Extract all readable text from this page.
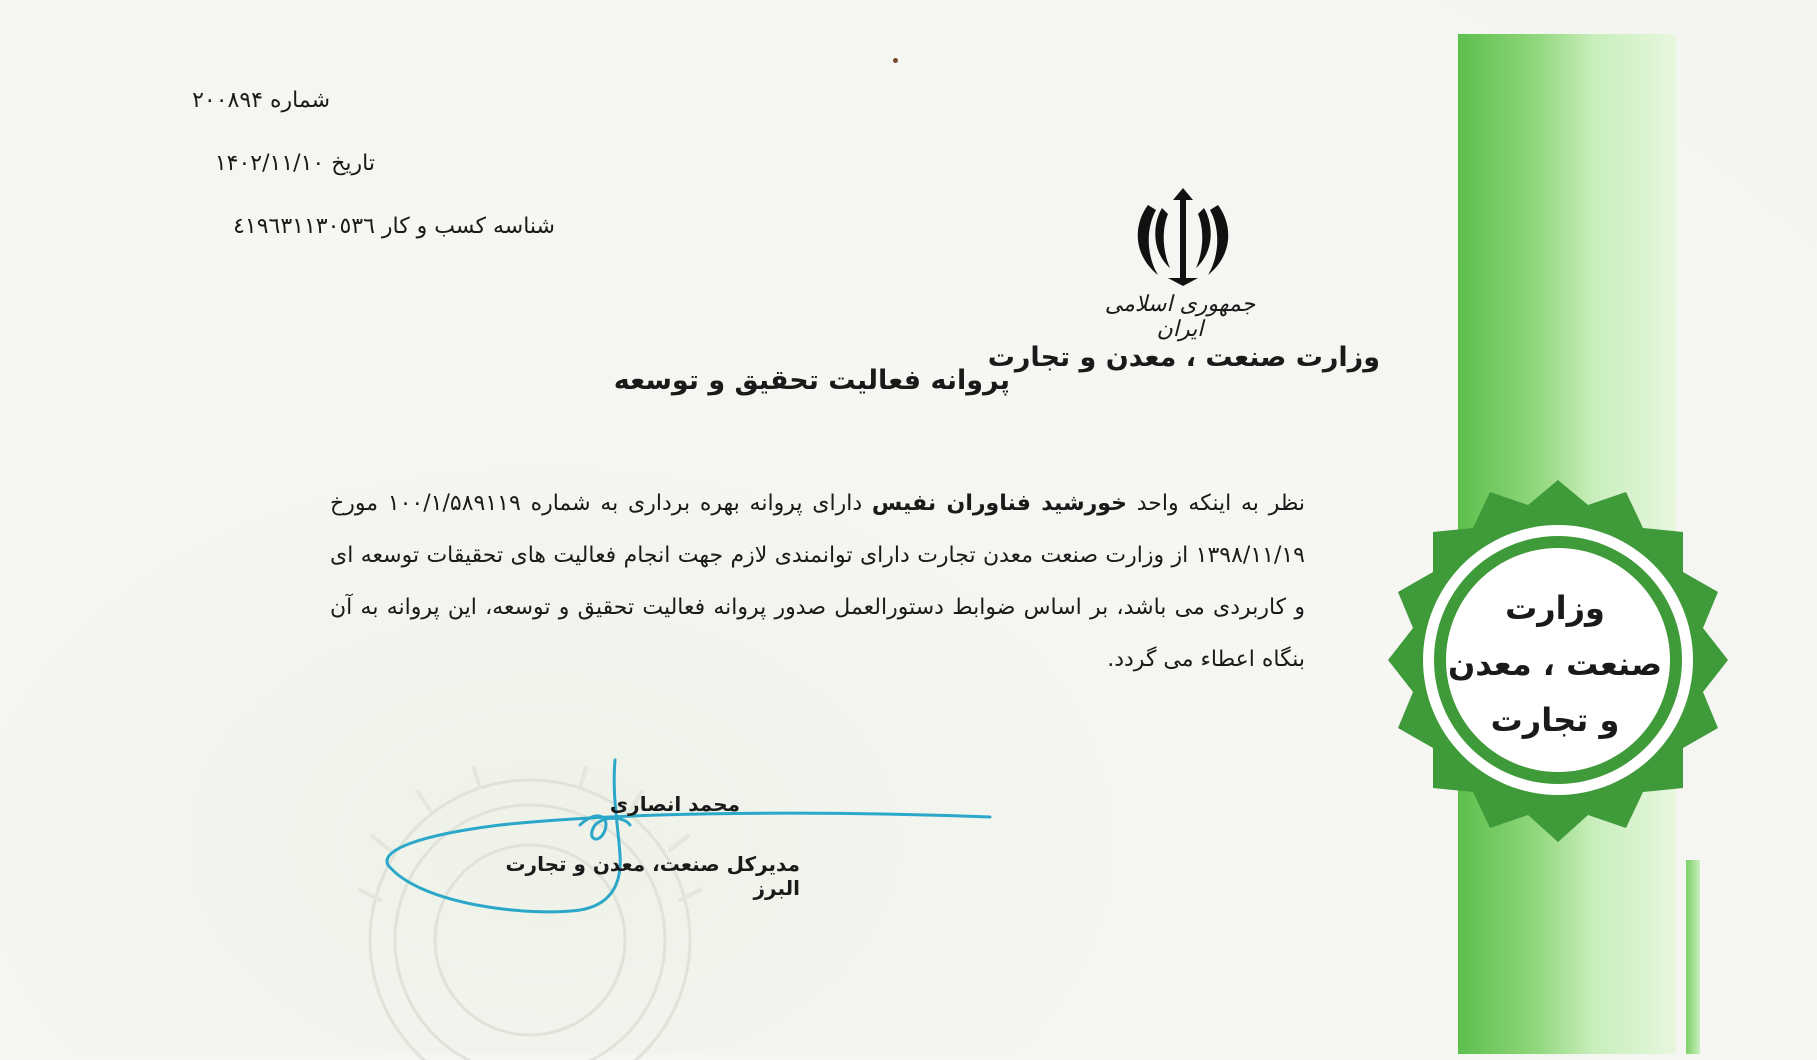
شماره ۲۰۰۸۹۴
تاریخ ۱۴۰۲/۱۱/۱۰
شناسه کسب و کار ٤١٩٦٣١١٣٠٥٣٦
جمهوری اسلامی ایران
وزارت صنعت ، معدن و تجارت
پروانه فعالیت تحقیق و توسعه
نظر به اینکه واحد خورشید فناوران نفیس دارای پروانه بهره برداری به شماره ۱۰۰/۱/۵۸۹۱۱۹ مورخ ۱۳۹۸/۱۱/۱۹ از وزارت صنعت معدن تجارت دارای توانمندی لازم جهت انجام فعالیت های تحقیقات توسعه ای و کاربردی می باشد، بر اساس ضوابط دستورالعمل صدور پروانه فعالیت تحقیق و توسعه، این پروانه به آن بنگاه اعطاء می گردد.
محمد انصاری
مدیرکل صنعت، معدن و تجارت البرز
وزارت
صنعت ، معدن
و تجارت
